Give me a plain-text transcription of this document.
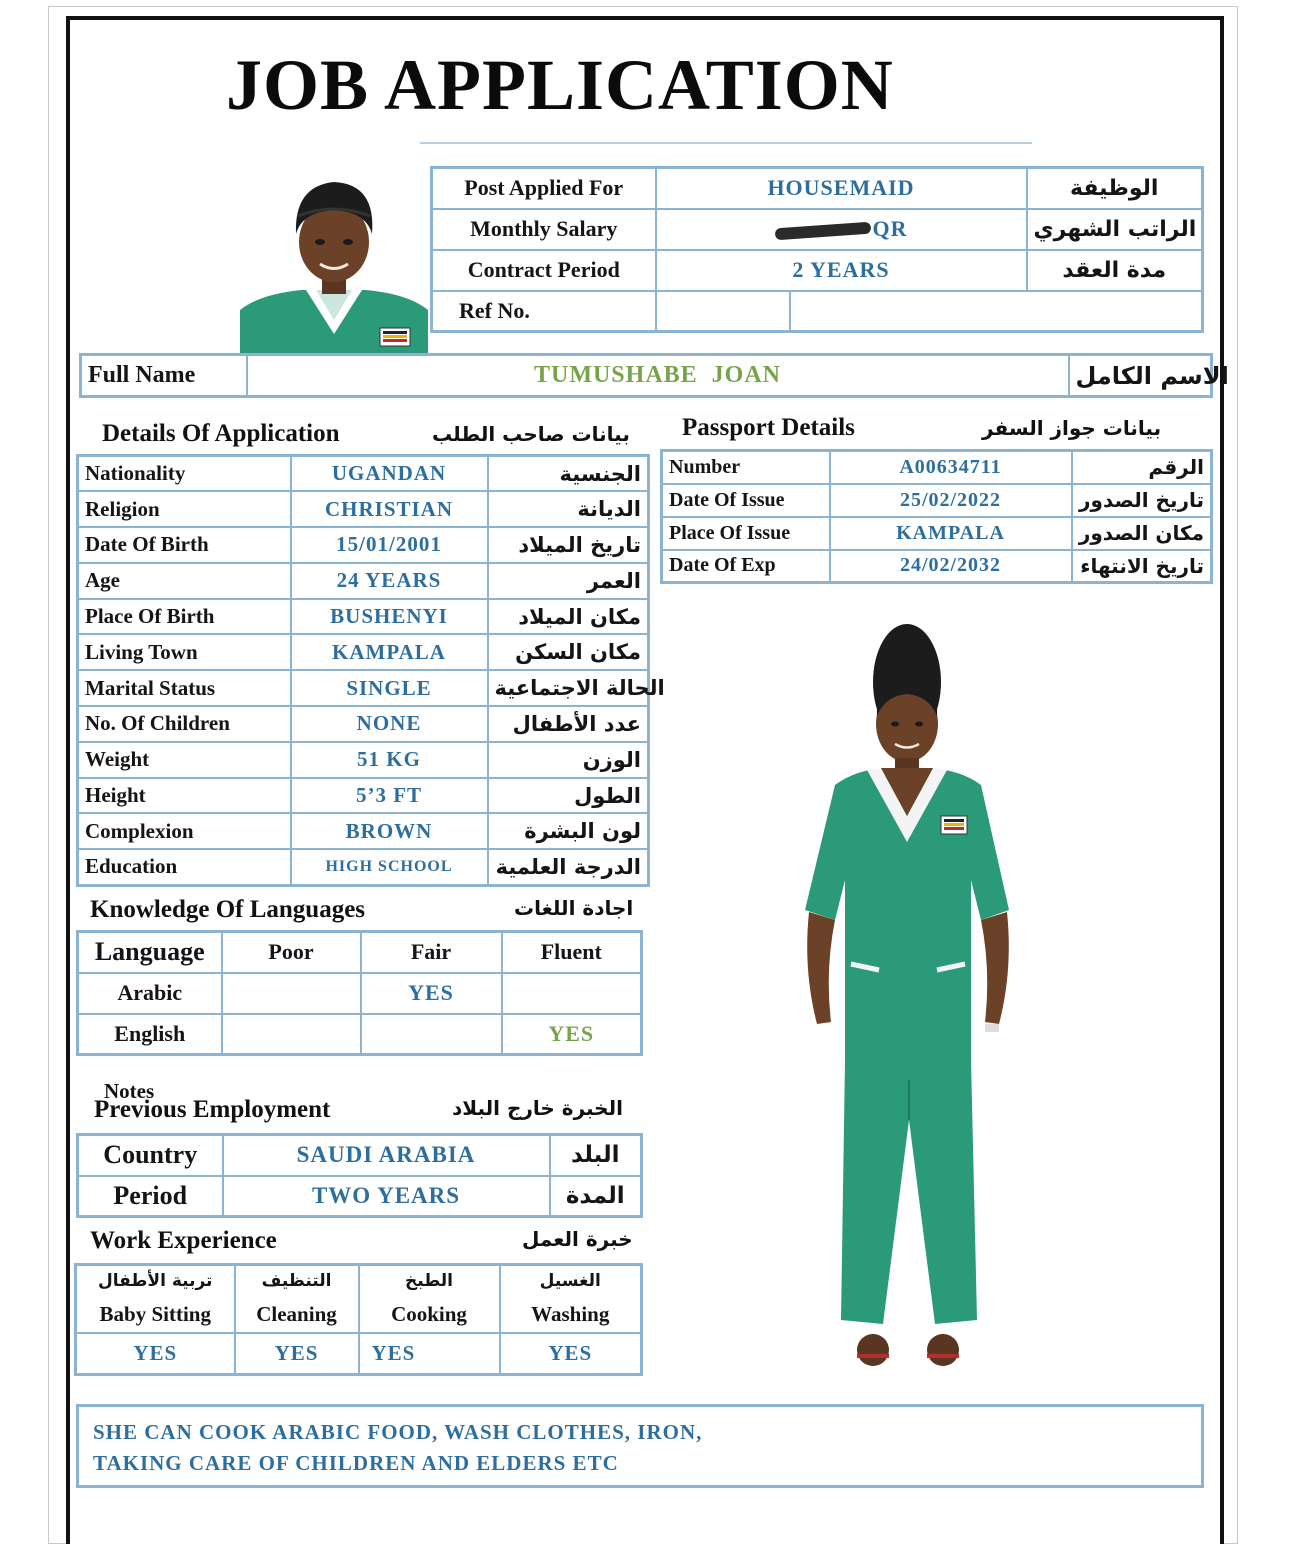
JOB APPLICATION
Post Applied For	HOUSEMAID		الوظيفة
Monthly Salary	QR		الراتب الشهري
Contract Period	2 YEARS		مدة العقد
Ref No.			
Full Name	TUMUSHABE  JOAN	الاسم الكامل
Details Of Application	بيانات صاحب الطلب
Nationality	UGANDAN	الجنسية
Religion	CHRISTIAN	الديانة
Date Of Birth	15/01/2001	تاريخ الميلاد
Age	24 YEARS	العمر
Place Of Birth	BUSHENYI	مكان الميلاد
Living Town	KAMPALA	مكان السكن
Marital Status	SINGLE	الحالة الاجتماعية
No. Of Children	NONE	عدد الأطفال
Weight	51 KG	الوزن
Height	5’3 FT	الطول
Complexion	BROWN	لون البشرة
Education	HIGH SCHOOL	الدرجة العلمية
Passport Details	بيانات جواز السفر
Number	A00634711	الرقم
Date Of Issue	25/02/2022	تاريخ الصدور
Place Of Issue	KAMPALA	مكان الصدور
Date Of Exp	24/02/2032	تاريخ الانتهاء
Knowledge Of Languages	اجادة اللغات
Language	Poor	Fair	Fluent
Arabic		YES	
English			YES
Notes
Previous Employment	الخبرة خارج البلاد
Country	SAUDI ARABIA	البلد
Period	TWO YEARS	المدة
Work Experience	خبرة العمل
تربية الأطفال	التنظيف	الطبخ	الغسيل
Baby Sitting	Cleaning	Cooking	Washing
YES	YES	YES	YES
SHE CAN COOK ARABIC FOOD, WASH CLOTHES, IRON,
TAKING CARE OF CHILDREN AND ELDERS ETC
